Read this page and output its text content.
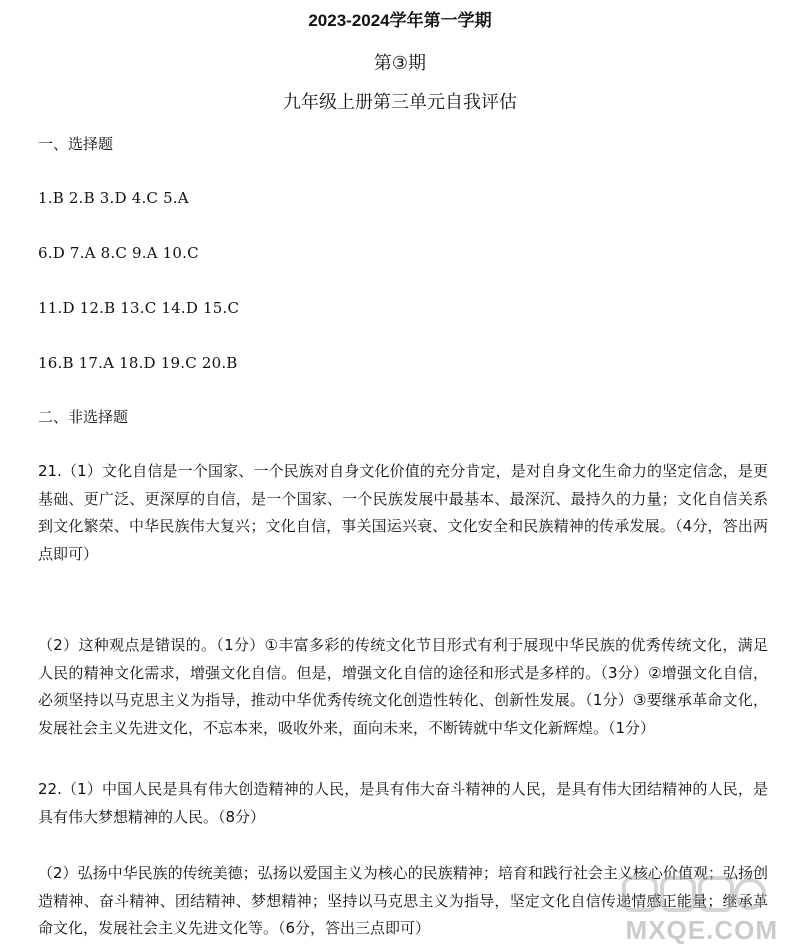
2023-2024学年第一学期
第③期
九年级上册第三单元自我评估
一、选择题
1.B 2.B 3.D 4.C 5.A
6.D 7.A 8.C 9.A 10.C
11.D 12.B 13.C 14.D 15.C
16.B 17.A 18.D 19.C 20.B
二、非选择题
21.（1）文化自信是一个国家、一个民族对自身文化价值的充分肯定，是对自身文化生命力的坚定信念，是更基础、更广泛、更深厚的自信，是一个国家、一个民族发展中最基本、最深沉、最持久的力量；文化自信关系到文化繁荣、中华民族伟大复兴；文化自信，事关国运兴衰、文化安全和民族精神的传承发展。（4分，答出两点即可）
（2）这种观点是错误的。（1分）①丰富多彩的传统文化节目形式有利于展现中华民族的优秀传统文化，满足人民的精神文化需求，增强文化自信。但是，增强文化自信的途径和形式是多样的。（3分）②增强文化自信，必须坚持以马克思主义为指导，推动中华优秀传统文化创造性转化、创新性发展。（1分）③要继承革命文化，发展社会主义先进文化，不忘本来，吸收外来，面向未来，不断铸就中华文化新辉煌。（1分）
22.（1）中国人民是具有伟大创造精神的人民，是具有伟大奋斗精神的人民，是具有伟大团结精神的人民，是具有伟大梦想精神的人民。（8分）
（2）弘扬中华民族的传统美德；弘扬以爱国主义为核心的民族精神；培育和践行社会主义核心价值观；弘扬创造精神、奋斗精神、团结精神、梦想精神；坚持以马克思主义为指导，坚定文化自信传递情感正能量；继承革命文化，发展社会主义先进文化等。（6分，答出三点即可）	MXQE.COM
